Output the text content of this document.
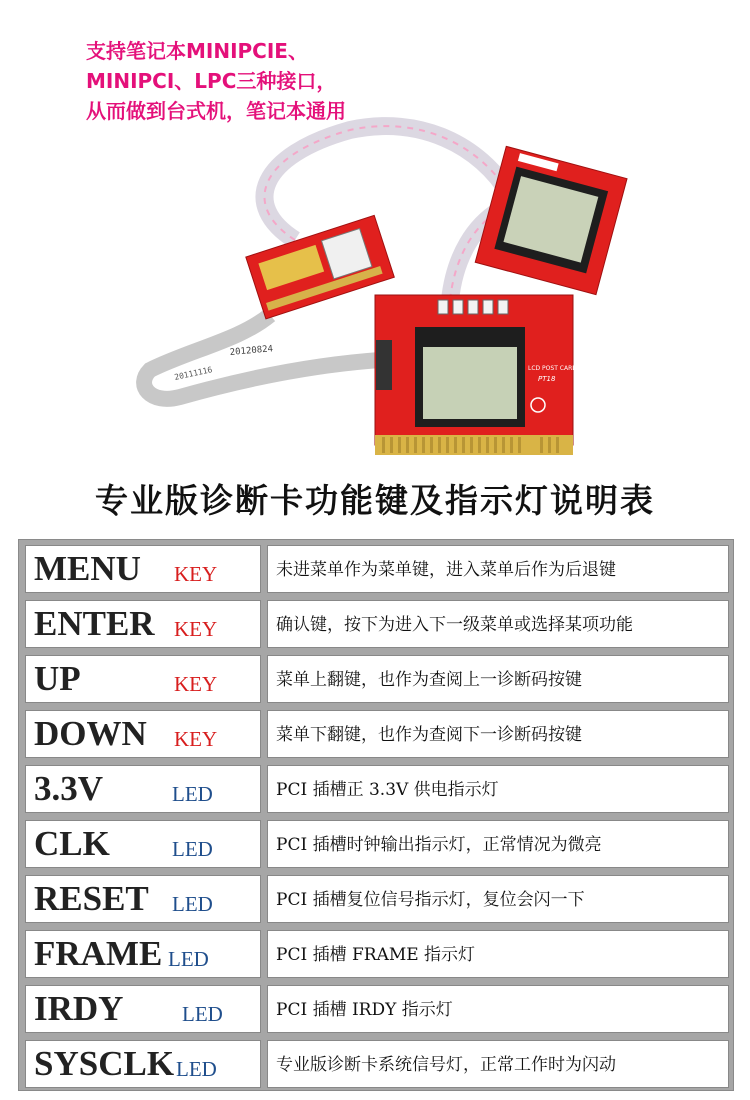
支持笔记本MINIPCIE、
MINIPCI、LPC三种接口，
从而做到台式机，笔记本通用
20111116
20120824
LCD POST CARD
PT18
专业版诊断卡功能键及指示灯说明表
MENU KEY	未进菜单作为菜单键，进入菜单后作为后退键
ENTER KEY	确认键，按下为进入下一级菜单或选择某项功能
UP	KEY	菜单上翻键，也作为查阅上一诊断码按键
DOWN KEY	菜单下翻键，也作为查阅下一诊断码按键
3.3V	LED	PCI 插槽正 3.3V 供电指示灯
CLK	LED	PCI 插槽时钟输出指示灯，正常情况为微亮
RESET LED	PCI 插槽复位信号指示灯，复位会闪一下
FRAME LED	PCI 插槽 FRAME 指示灯
IRDY	LED	PCI 插槽 IRDY 指示灯
SYSCLK LED	专业版诊断卡系统信号灯，正常工作时为闪动
